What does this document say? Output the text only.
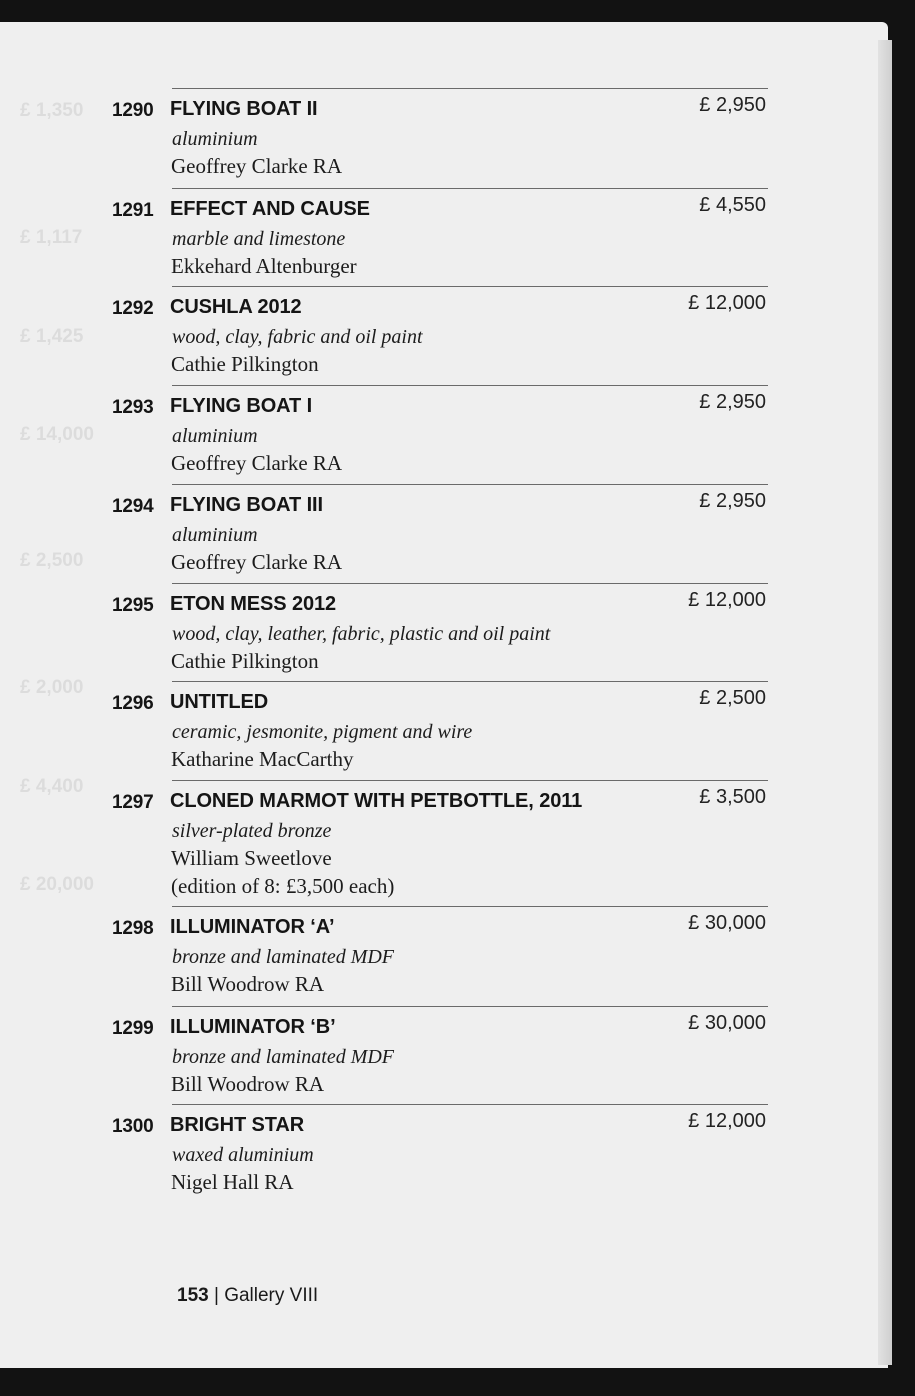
£ 1,350
£ 1,117
£ 1,425
£ 14,000
£ 2,500
£ 2,000
£ 4,400
£ 20,000
1290 FLYING BOAT II	£ 2,950
aluminium
Geoffrey Clarke RA
1291 EFFECT AND CAUSE	£ 4,550
marble and limestone
Ekkehard Altenburger
1292 CUSHLA 2012	£ 12,000
wood, clay, fabric and oil paint
Cathie Pilkington
1293 FLYING BOAT I	£ 2,950
aluminium
Geoffrey Clarke RA
1294 FLYING BOAT III	£ 2,950
aluminium
Geoffrey Clarke RA
1295 ETON MESS 2012	£ 12,000
wood, clay, leather, fabric, plastic and oil paint
Cathie Pilkington
1296 UNTITLED	£ 2,500
ceramic, jesmonite, pigment and wire
Katharine MacCarthy
1297 CLONED MARMOT WITH PETBOTTLE, 2011	£ 3,500
silver-plated bronze
William Sweetlove
(edition of 8: £3,500 each)
1298 ILLUMINATOR ‘A’	£ 30,000
bronze and laminated MDF
Bill Woodrow RA
1299 ILLUMINATOR ‘B’	£ 30,000
bronze and laminated MDF
Bill Woodrow RA
1300 BRIGHT STAR	£ 12,000
waxed aluminium
Nigel Hall RA
153 | Gallery VIII
